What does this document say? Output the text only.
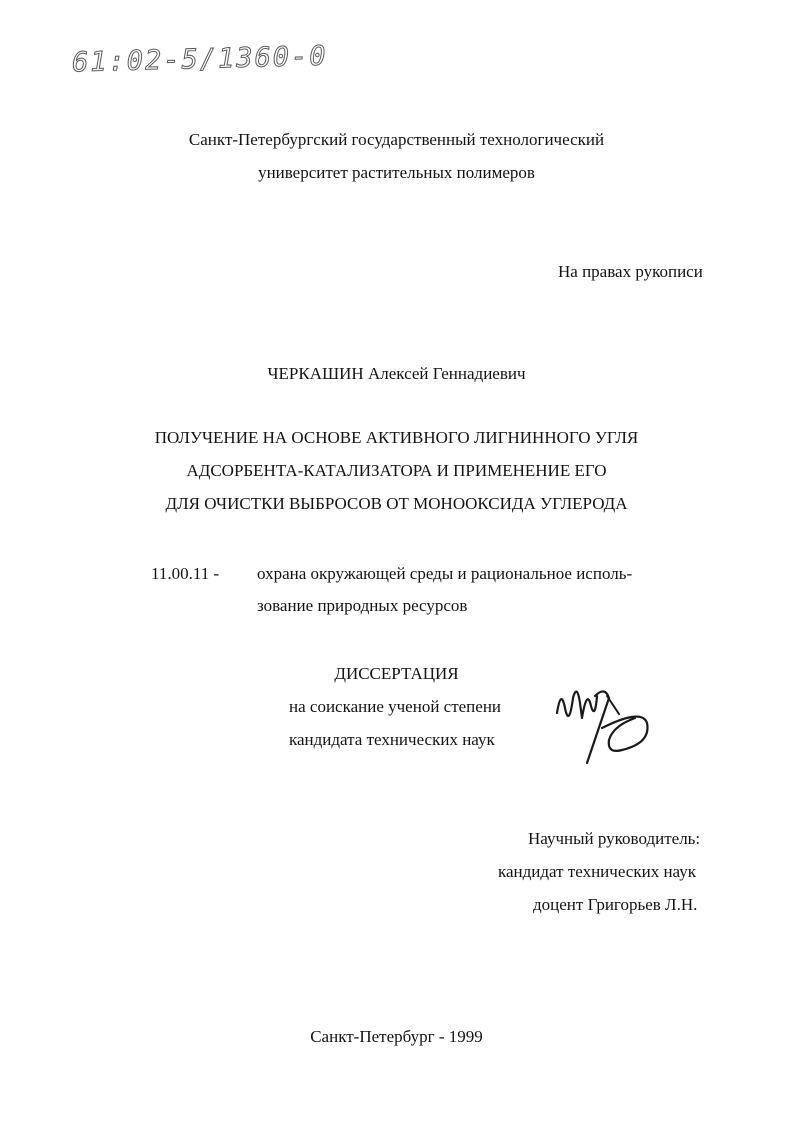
61:02-5/1360-0
Санкт-Петербургский государственный технологический
университет растительных полимеров
На правах рукописи
ЧЕРКАШИН Алексей Геннадиевич
ПОЛУЧЕНИЕ НА ОСНОВЕ АКТИВНОГО ЛИГНИННОГО УГЛЯ
АДСОРБЕНТА-КАТАЛИЗАТОРА И ПРИМЕНЕНИЕ ЕГО
ДЛЯ ОЧИСТКИ ВЫБРОСОВ ОТ МОНООКСИДА УГЛЕРОДА
11.00.11 - охрана окружающей среды и рациональное исполь-
зование природных ресурсов
ДИССЕРТАЦИЯ
на соискание ученой степени
кандидата технических наук
Научный руководитель:
кандидат технических наук
доцент Григорьев Л.Н.
Санкт-Петербург - 1999
